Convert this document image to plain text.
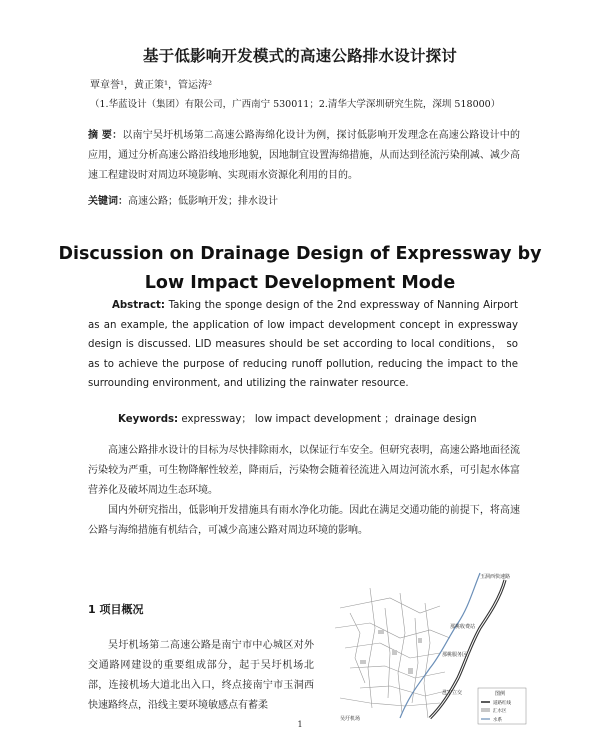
基于低影响开发模式的高速公路排水设计探讨
覃章誉¹，黄正策¹，管运涛²
（1.华蓝设计（集团）有限公司，广西南宁 530011；2.清华大学深圳研究生院，深圳 518000）
摘 要：以南宁吴圩机场第二高速公路海绵化设计为例，探讨低影响开发理念在高速公路设计中的应用，通过分析高速公路沿线地形地貌，因地制宜设置海绵措施，从而达到径流污染削减、减少高速工程建设时对周边环境影响、实现雨水资源化利用的目的。
关键词：高速公路；低影响开发；排水设计
Discussion on Drainage Design of Expressway by
Low Impact Development Mode
Abstract: Taking the sponge design of the 2nd expressway of Nanning Airport as an example, the application of low impact development concept in expressway design is discussed. LID measures should be set according to local conditions， so as to achieve the purpose of reducing runoff pollution, reducing the impact to the surrounding environment, and utilizing the rainwater resource.
Keywords: expressway； low impact development ；drainage design

高速公路排水设计的目标为尽快排除雨水，以保证行车安全。但研究表明，高速公路地面径流污染较为严重，可生物降解性较差，降雨后，污染物会随着径流进入周边河流水系，可引起水体富营养化及破坏周边生态环境。

国内外研究指出，低影响开发措施具有雨水净化功能。因此在满足交通功能的前提下，将高速公路与海绵措施有机结合，可减少高速公路对周边环境的影响。

1 项目概况

吴圩机场第二高速公路是南宁市中心城区对外交通路网建设的重要组成部分，起于吴圩机场北部，连接机场大道北出入口，终点接南宁市玉洞西快速路终点，沿线主要环境敏感点有蓄柔

玉洞西快速路
那桃收费站
那桃服务区
吴圩机场
邕宁立交	图例
道路红线
汇水区
水系
1
